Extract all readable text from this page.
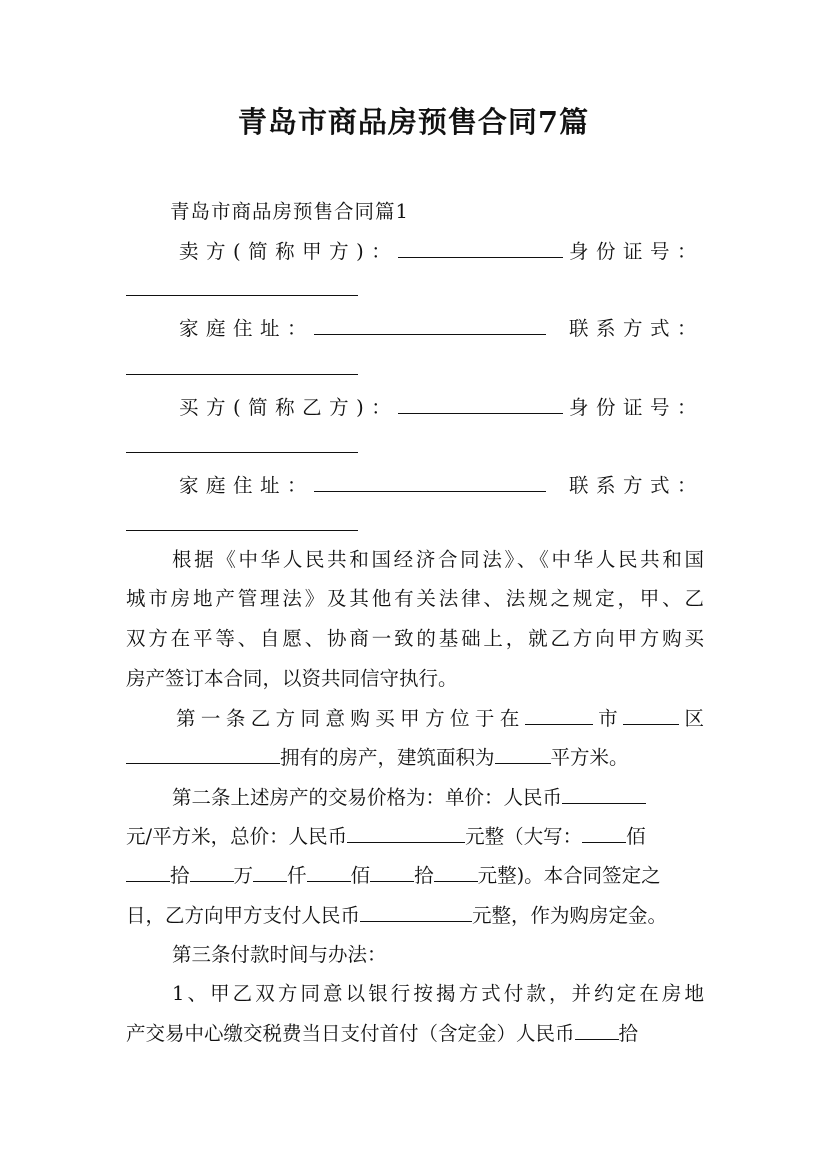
青岛市商品房预售合同7篇
青岛市商品房预售合同篇1
卖方(简称甲方)：	身份证号：
家庭住址：	联系方式：
买方(简称乙方)：	身份证号：
家庭住址：	联系方式：
根据《中华人民共和国经济合同法》、《中华人民共和国
城市房地产管理法》及其他有关法律、法规之规定，甲、乙
双方在平等、自愿、协商一致的基础上，就乙方向甲方购买
房产签订本合同，以资共同信守执行。
第一条乙方同意购买甲方位于在	市	区
拥有的房产，建筑面积为	平方米。
第二条上述房产的交易价格为：单价：人民币
元/平方米，总价：人民币	元整（大写： 佰
拾 万 仟 佰 拾 元整)。本合同签定之
日，乙方向甲方支付人民币	元整，作为购房定金。
第三条付款时间与办法：
1、甲乙双方同意以银行按揭方式付款，并约定在房地
产交易中心缴交税费当日支付首付（含定金）人民币 拾
